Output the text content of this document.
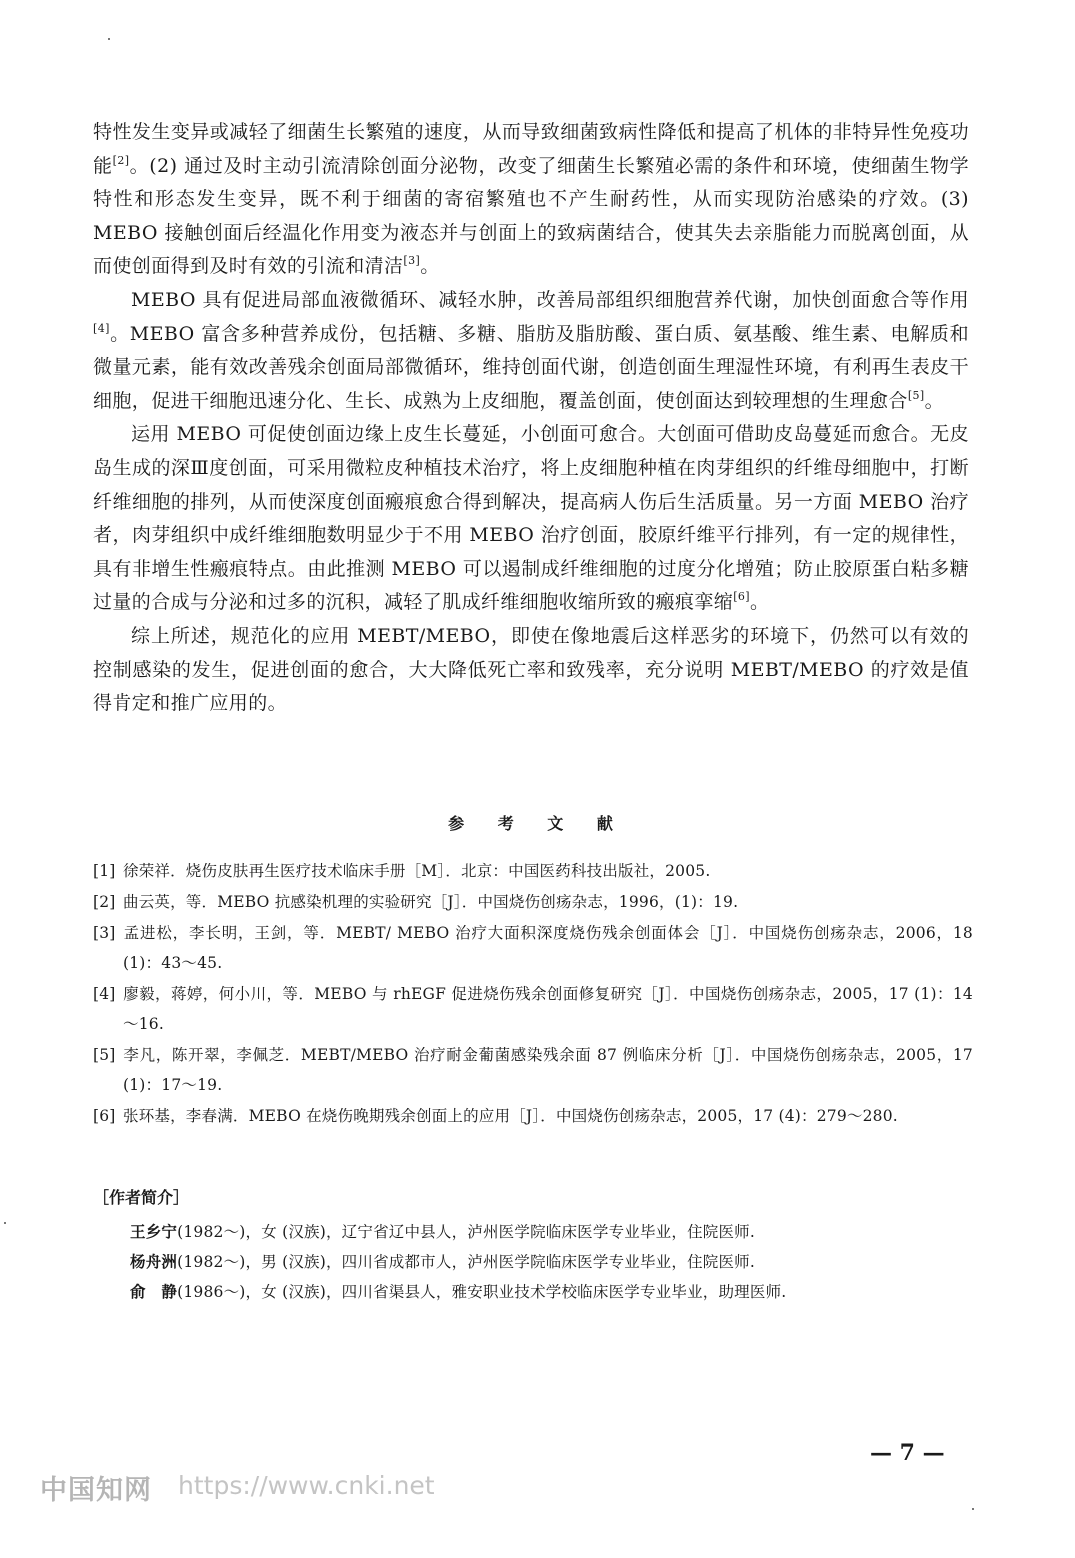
特性发生变异或减轻了细菌生长繁殖的速度，从而导致细菌致病性降低和提高了机体的非特异性免疫功能[2]。(2) 通过及时主动引流清除创面分泌物，改变了细菌生长繁殖必需的条件和环境，使细菌生物学特性和形态发生变异，既不利于细菌的寄宿繁殖也不产生耐药性，从而实现防治感染的疗效。(3) MEBO 接触创面后经温化作用变为液态并与创面上的致病菌结合，使其失去亲脂能力而脱离创面，从而使创面得到及时有效的引流和清洁[3]。

MEBO 具有促进局部血液微循环、减轻水肿，改善局部组织细胞营养代谢，加快创面愈合等作用[4]。MEBO 富含多种营养成份，包括糖、多糖、脂肪及脂肪酸、蛋白质、氨基酸、维生素、电解质和微量元素，能有效改善残余创面局部微循环，维持创面代谢，创造创面生理湿性环境，有利再生表皮干细胞，促进干细胞迅速分化、生长、成熟为上皮细胞，覆盖创面，使创面达到较理想的生理愈合[5]。

运用 MEBO 可促使创面边缘上皮生长蔓延，小创面可愈合。大创面可借助皮岛蔓延而愈合。无皮岛生成的深Ⅲ度创面，可采用微粒皮种植技术治疗，将上皮细胞种植在肉芽组织的纤维母细胞中，打断纤维细胞的排列，从而使深度创面瘢痕愈合得到解决，提高病人伤后生活质量。另一方面 MEBO 治疗者，肉芽组织中成纤维细胞数明显少于不用 MEBO 治疗创面，胶原纤维平行排列，有一定的规律性，具有非增生性瘢痕特点。由此推测 MEBO 可以遏制成纤维细胞的过度分化增殖；防止胶原蛋白粘多糖过量的合成与分泌和过多的沉积，减轻了肌成纤维细胞收缩所致的瘢痕挛缩[6]。

综上所述，规范化的应用 MEBT/MEBO，即使在像地震后这样恶劣的环境下，仍然可以有效的控制感染的发生，促进创面的愈合，大大降低死亡率和致残率，充分说明 MEBT/MEBO 的疗效是值得肯定和推广应用的。

参 考 文 献

[1] 徐荣祥．烧伤皮肤再生医疗技术临床手册［M］．北京：中国医药科技出版社，2005.

[2] 曲云英，等．MEBO 抗感染机理的实验研究［J］．中国烧伤创疡杂志，1996，(1)：19.

[3] 孟进松，李长明，王剑，等．MEBT/ MEBO 治疗大面积深度烧伤残余创面体会［J］．中国烧伤创疡杂志，2006，18 (1)：43～45.

[4] 廖毅，蒋婷，何小川，等．MEBO 与 rhEGF 促进烧伤残余创面修复研究［J］．中国烧伤创疡杂志，2005，17 (1)：14～16.

[5] 李凡，陈开翠，李佩芝．MEBT/MEBO 治疗耐金葡菌感染残余面 87 例临床分析［J］．中国烧伤创疡杂志，2005，17 (1)：17～19.

[6] 张环基，李春满．MEBO 在烧伤晚期残余创面上的应用［J］．中国烧伤创疡杂志，2005，17 (4)：279～280.

［作者简介］

王乡宁(1982～)，女 (汉族)，辽宁省辽中县人，泸州医学院临床医学专业毕业，住院医师.

杨舟洲(1982～)，男 (汉族)，四川省成都市人，泸州医学院临床医学专业毕业，住院医师.

俞　静(1986～)，女 (汉族)，四川省渠县人，雅安职业技术学校临床医学专业毕业，助理医师.

— 7 —
中国知网 https://www.cnki.net
